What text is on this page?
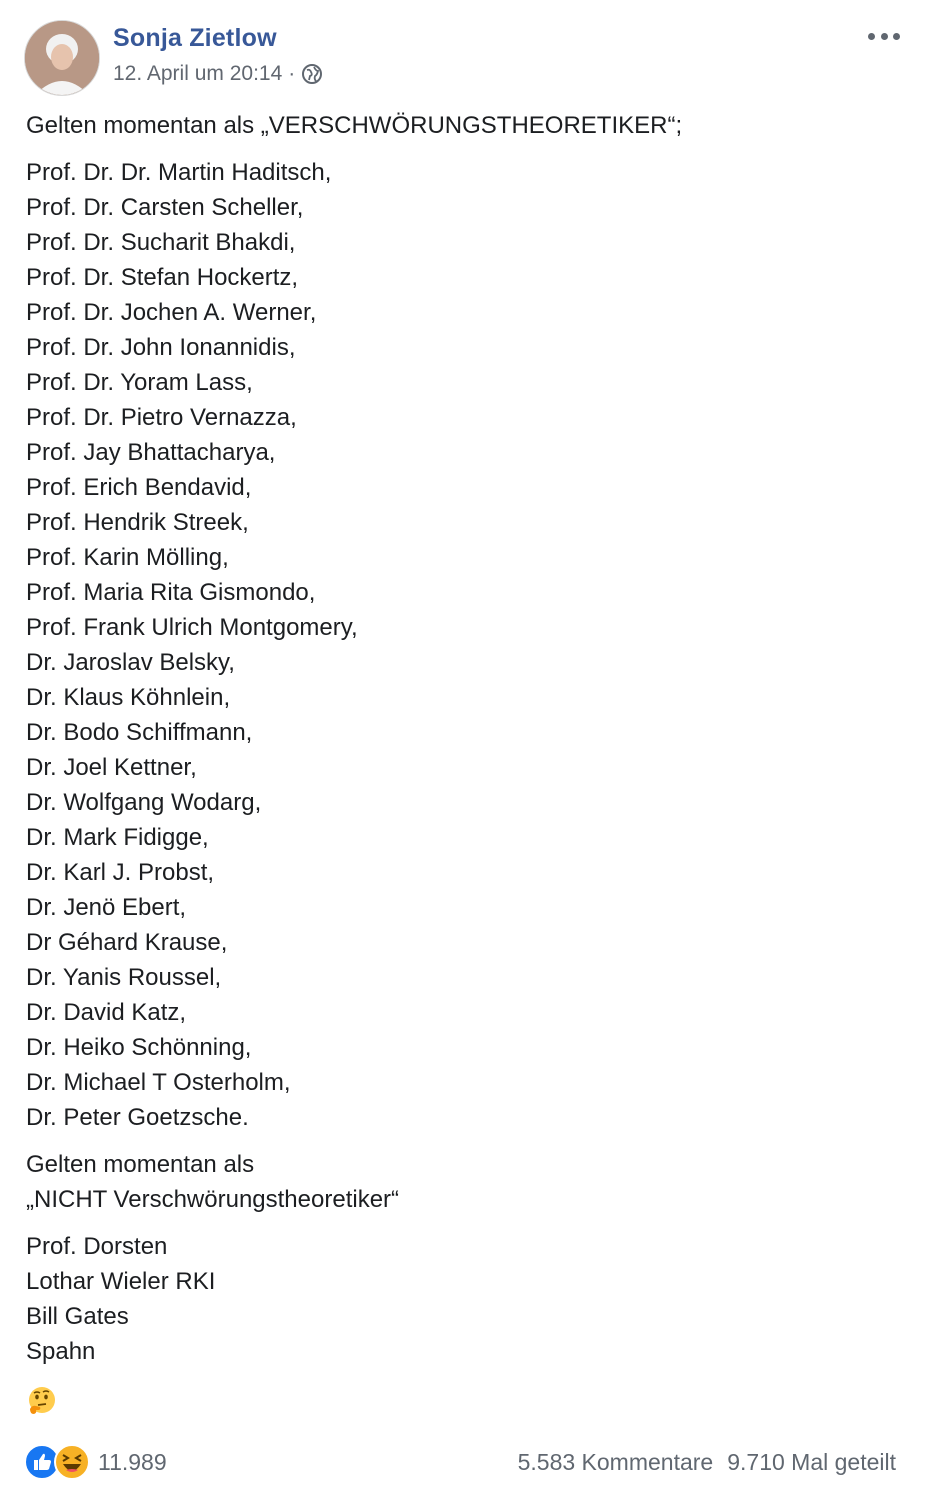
Sonja Zietlow
12. April um 20:14 ·
Gelten momentan als „VERSCHWÖRUNGSTHEORETIKER“;
Prof. Dr. Dr. Martin Haditsch,
Prof. Dr. Carsten Scheller,
Prof. Dr. Sucharit Bhakdi,
Prof. Dr. Stefan Hockertz,
Prof. Dr. Jochen A. Werner,
Prof. Dr. John Ionannidis,
Prof. Dr. Yoram Lass,
Prof. Dr. Pietro Vernazza,
Prof. Jay Bhattacharya,
Prof. Erich Bendavid,
Prof. Hendrik Streek,
Prof. Karin Mölling,
Prof. Maria Rita Gismondo,
Prof. Frank Ulrich Montgomery,
Dr. Jaroslav Belsky,
Dr. Klaus Köhnlein,
Dr. Bodo Schiffmann,
Dr. Joel Kettner,
Dr. Wolfgang Wodarg,
Dr. Mark Fidigge,
Dr. Karl J. Probst,
Dr. Jenö Ebert,
Dr Géhard Krause,
Dr. Yanis Roussel,
Dr. David Katz,
Dr. Heiko Schönning,
Dr. Michael T Osterholm,
Dr. Peter Goetzsche.
Gelten momentan als
„NICHT Verschwörungstheoretiker“
Prof. Dorsten
Lothar Wieler RKI
Bill Gates
Spahn
11.989	5.583 Kommentare 9.710 Mal geteilt
